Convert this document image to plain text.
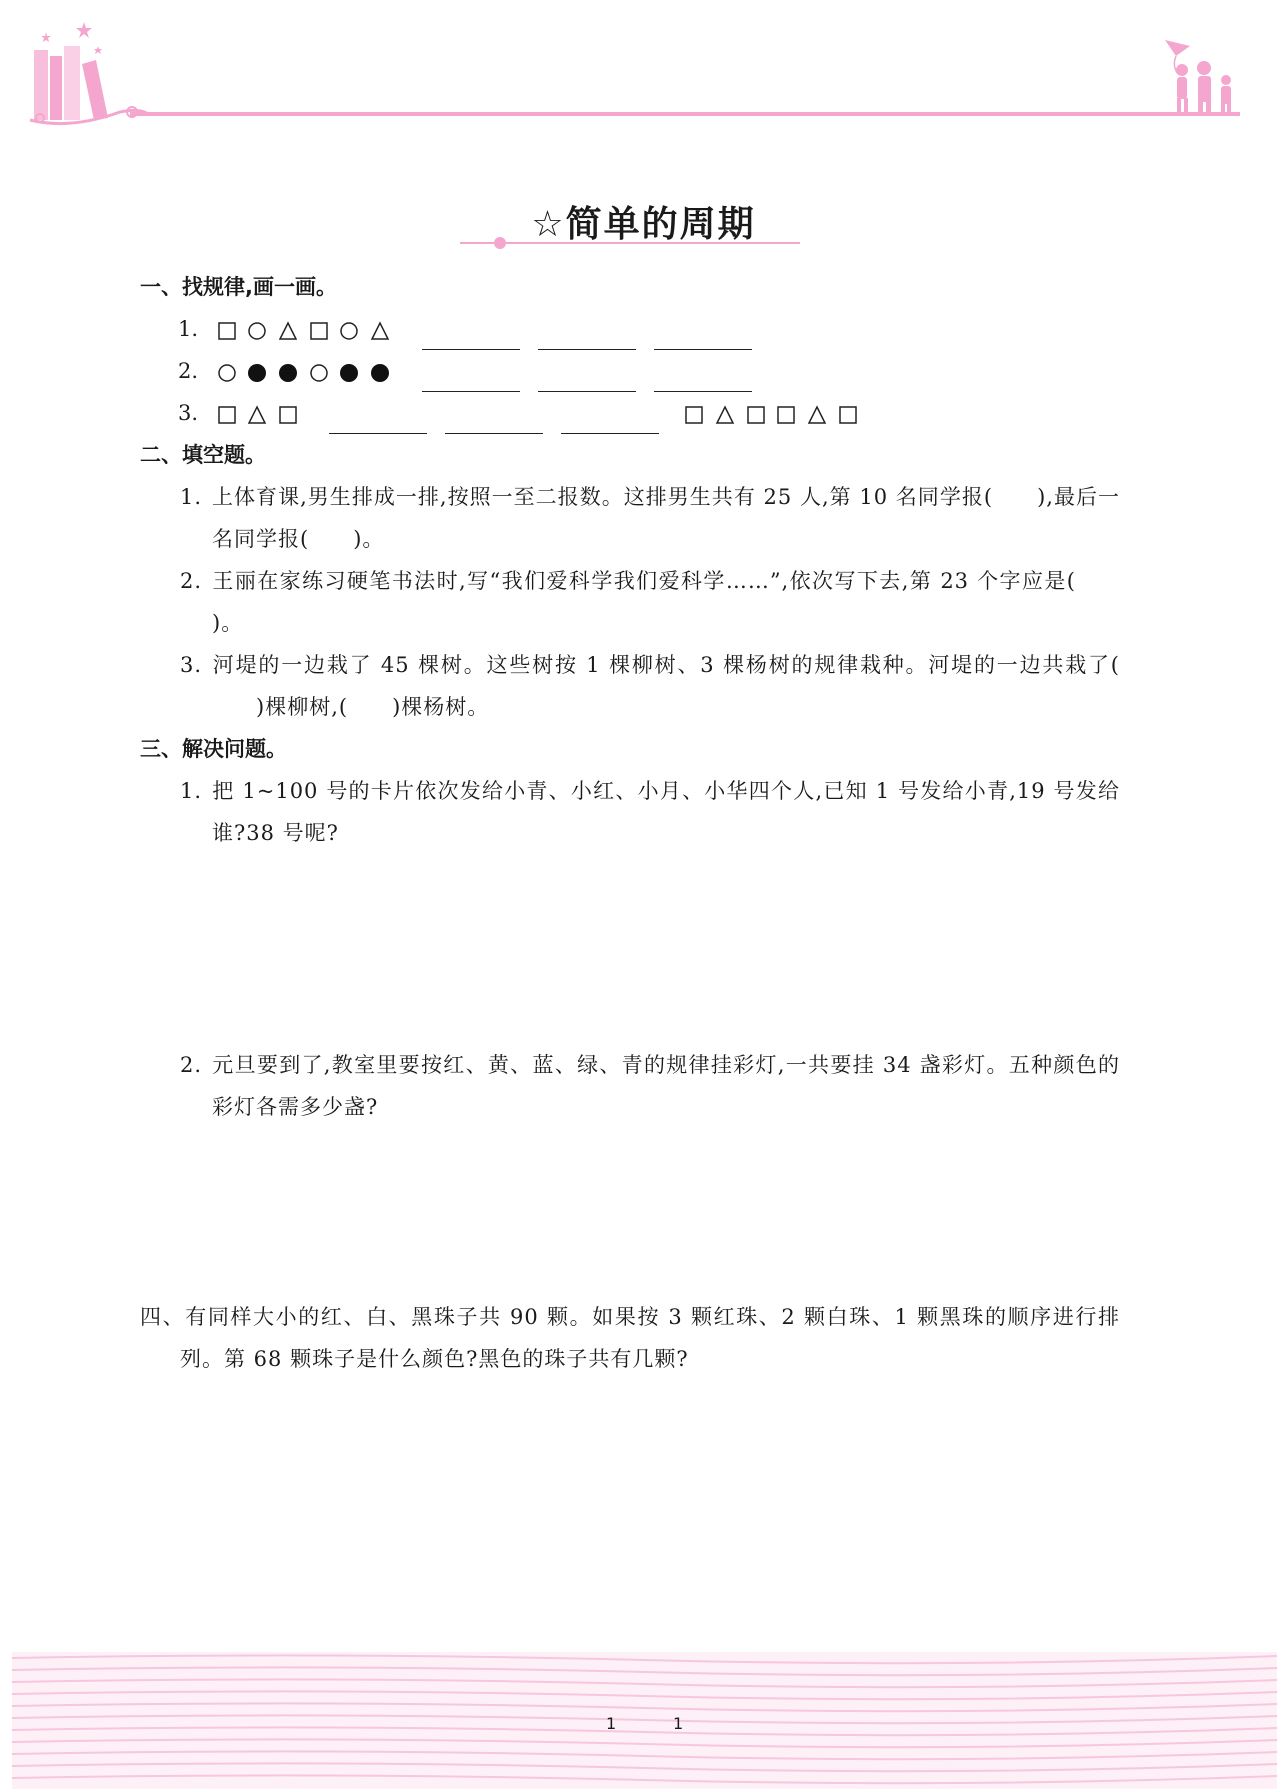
☆简单的周期

一、找规律,画一画。

1.
2.
3.

二、填空题。

1. 上体育课,男生排成一排,按照一至二报数。这排男生共有 25 人,第 10 名同学报( ),最后一名同学报( )。

2. 王丽在家练习硬笔书法时,写“我们爱科学我们爱科学……”,依次写下去,第 23 个字应是()。

3. 河堤的一边栽了 45 棵树。这些树按 1 棵柳树、3 棵杨树的规律栽种。河堤的一边共栽了()棵柳树,( )棵杨树。

三、解决问题。

1. 把 1~100 号的卡片依次发给小青、小红、小月、小华四个人,已知 1 号发给小青,19 号发给谁?38 号呢?

2. 元旦要到了,教室里要按红、黄、蓝、绿、青的规律挂彩灯,一共要挂 34 盏彩灯。五种颜色的彩灯各需多少盏?

四、有同样大小的红、白、黑珠子共 90 颗。如果按 3 颗红珠、2 颗白珠、1 颗黑珠的顺序进行排列。第 68 颗珠子是什么颜色?黑色的珠子共有几颗?

1	1
